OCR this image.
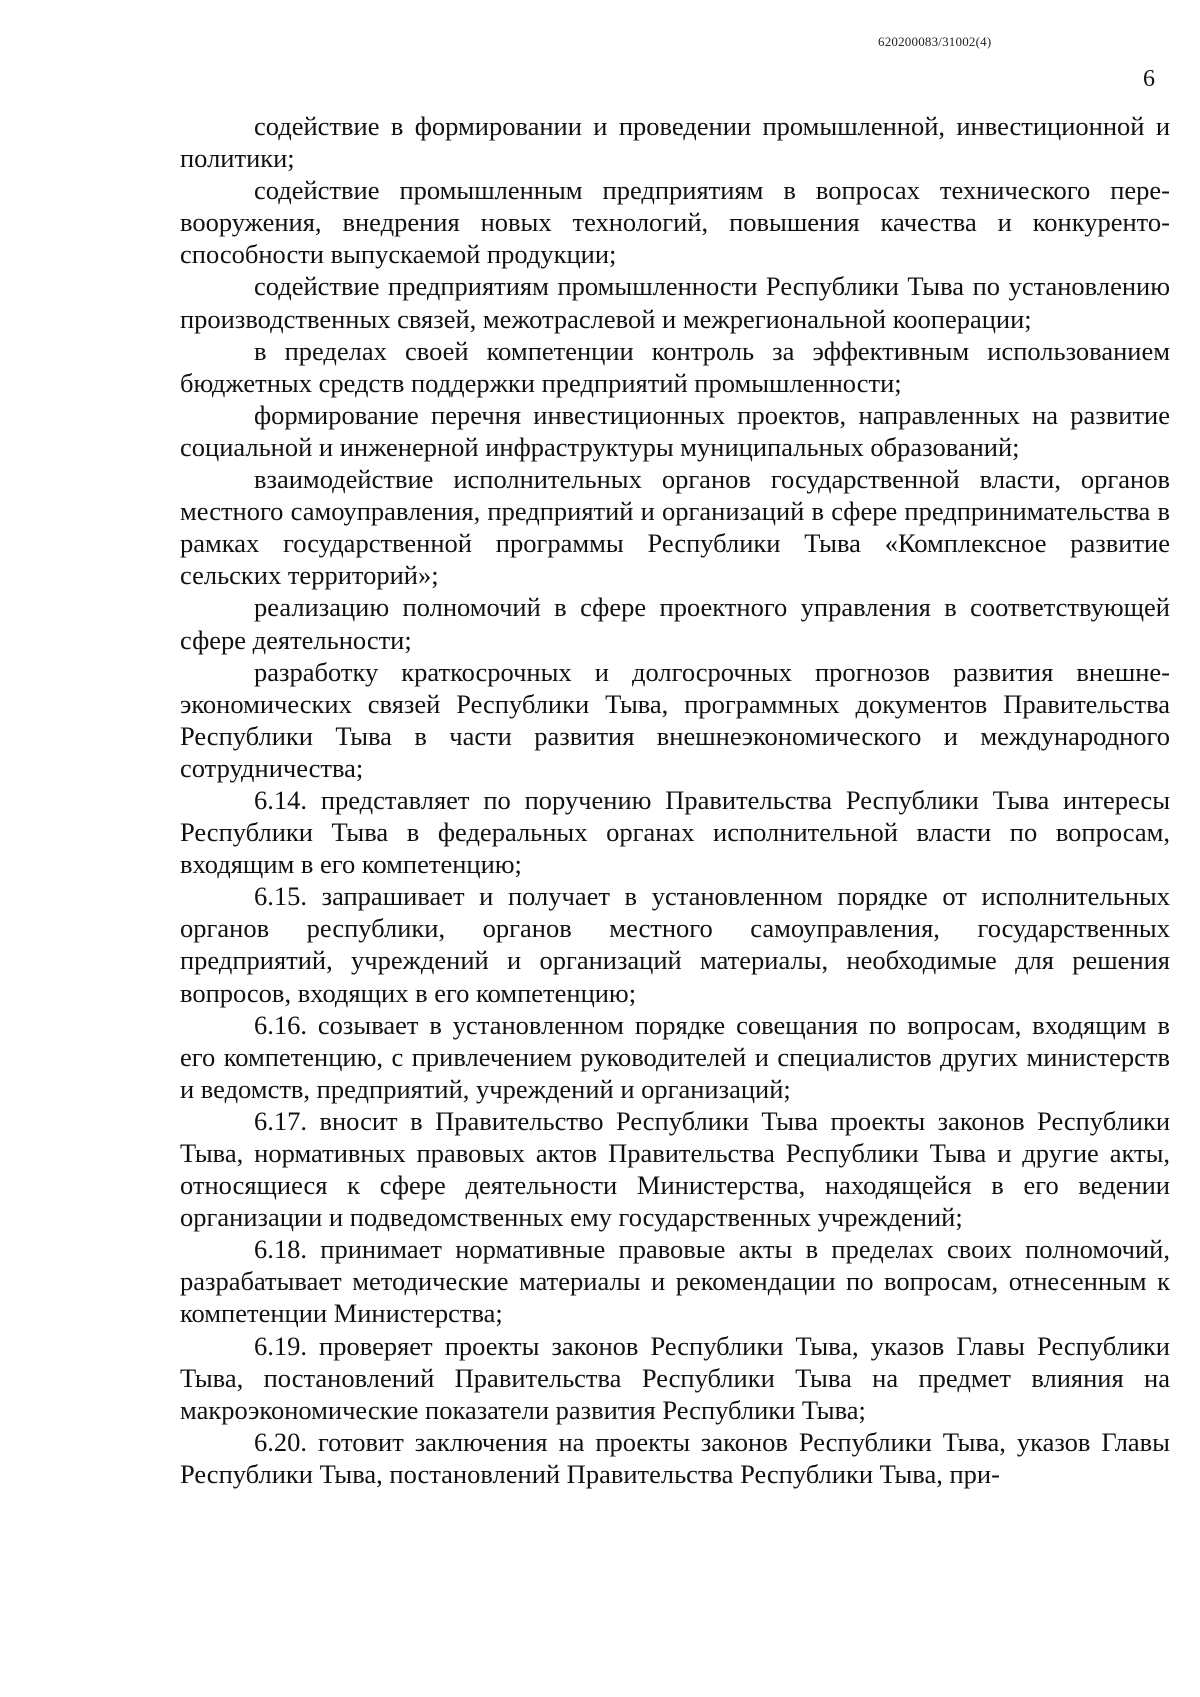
620200083/31002(4)
6

содействие в формировании и проведении промышленной, инвестиционной и политики;

содействие промышленным предприятиям в вопросах технического перевооружения, внедрения новых технологий, повышения качества и конкурентоспособности выпускаемой продукции;

содействие предприятиям промышленности Республики Тыва по установлению производственных связей, межотраслевой и межрегиональной кооперации;

в пределах своей компетенции контроль за эффективным использованием бюджетных средств поддержки предприятий промышленности;

формирование перечня инвестиционных проектов, направленных на развитие социальной и инженерной инфраструктуры муниципальных образований;

взаимодействие исполнительных органов государственной власти, органов местного самоуправления, предприятий и организаций в сфере предпринимательства в рамках государственной программы Республики Тыва «Комплексное развитие сельских территорий»;

реализацию полномочий в сфере проектного управления в соответствующей сфере деятельности;

разработку краткосрочных и долгосрочных прогнозов развития внешнеэкономических связей Республики Тыва, программных документов Правительства Республики Тыва в части развития внешнеэкономического и международного сотрудничества;

6.14. представляет по поручению Правительства Республики Тыва интересы Республики Тыва в федеральных органах исполнительной власти по вопросам, входящим в его компетенцию;

6.15. запрашивает и получает в установленном порядке от исполнительных органов республики, органов местного самоуправления, государственных предприятий, учреждений и организаций материалы, необходимые для решения вопросов, входящих в его компетенцию;

6.16. созывает в установленном порядке совещания по вопросам, входящим в его компетенцию, с привлечением руководителей и специалистов других министерств и ведомств, предприятий, учреждений и организаций;

6.17. вносит в Правительство Республики Тыва проекты законов Республики Тыва, нормативных правовых актов Правительства Республики Тыва и другие акты, относящиеся к сфере деятельности Министерства, находящейся в его ведении организации и подведомственных ему государственных учреждений;

6.18. принимает нормативные правовые акты в пределах своих полномочий, разрабатывает методические материалы и рекомендации по вопросам, отнесенным к компетенции Министерства;

6.19. проверяет проекты законов Республики Тыва, указов Главы Республики Тыва, постановлений Правительства Республики Тыва на предмет влияния на макроэкономические показатели развития Республики Тыва;

6.20. готовит заключения на проекты законов Республики Тыва, указов Главы Республики Тыва, постановлений Правительства Республики Тыва, при-
